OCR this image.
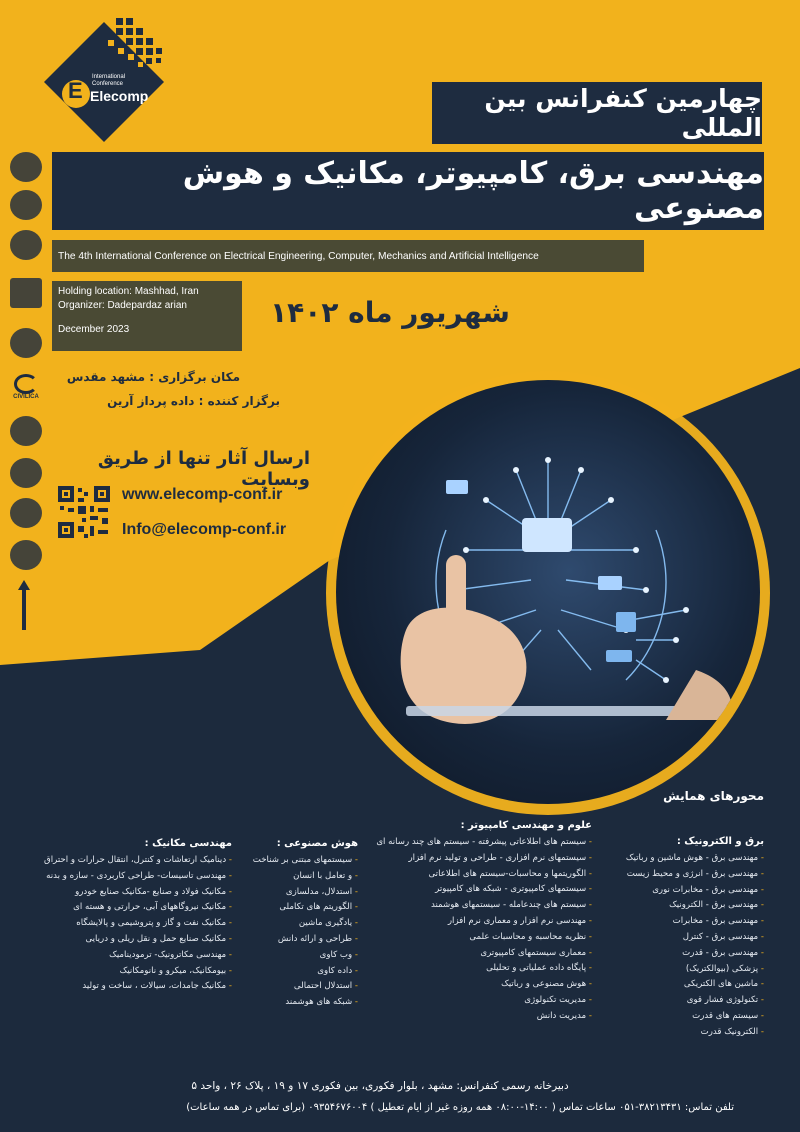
CIVILICA
E
International Conference
Elecomp	چهارمین کنفرانس بین المللی
مهندسی برق، کامپیوتر، مکانیک و هوش مصنوعی
The 4th International Conference on Electrical Engineering, Computer, Mechanics and Artificial Intelligence
Holding location: Mashhad, Iran
Organizer: Dadepardaz arian
December 2023
شهریور ماه ۱۴۰۲
مکان برگزاری : مشهد مقدس
برگزار کننده : داده پرداز آرین
ارسال آثار تنها از طریق وبسایت
www.elecomp-conf.ir
Info@elecomp-conf.ir
محورهای همایش
برق و الکترونیک :
- مهندسی برق - هوش ماشین و رباتیک
- مهندسی برق - انرژی و محیط زیست
- مهندسی برق - مخابرات نوری
- مهندسی برق - الکترونیک
- مهندسی برق - مخابرات
- مهندسی برق - کنترل
- مهندسی برق - قدرت
- پزشکی (بیوالکتریک)
- ماشین های الکتریکی
- تکنولوژی فشار قوی
- سیستم های قدرت
- الکترونیک قدرت
علوم و مهندسی کامپیوتر :
- سیستم های اطلاعاتی پیشرفته - سیستم های چند رسانه ای
- سیستمهای نرم افزاری - طراحی و تولید نرم افزار
- الگوریتمها و محاسبات-سیستم های اطلاعاتی
- سیستمهای کامپیوتری - شبکه های کامپیوتر
- سیستم های چندعامله - سیستمهای هوشمند
- مهندسی نرم افزار و معماری نرم افزار
- نظریه محاسبه و محاسبات علمی
- معماری سیستمهای کامپیوتری
- پایگاه داده عملیاتی و تحلیلی
- هوش مصنوعی و رباتیک
- مدیریت تکنولوژی
- مدیریت دانش
هوش مصنوعی :
- سیستمهای مبتنی بر شناخت
- و تعامل با انسان
- استدلال، مدلسازی
- الگوریتم های تکاملی
- یادگیری ماشین
- طراحی و ارائه دانش
- وب کاوی
- داده کاوی
- استدلال احتمالی
- شبکه های هوشمند
مهندسی مکانیک :
- دینامیک ارتعاشات و کنترل، انتقال حرارات و احتراق
- مهندسی تاسیسات- طراحی کاربردی - سازه و بدنه
- مکانیک فولاد و صنایع -مکانیک صنایع خودرو
- مکانیک نیروگاههای آبی، حرارتی و هسته ای
- مکانیک نفت و گاز و پتروشیمی و پالایشگاه
- مکانیک صنایع حمل و نقل ریلی و دریایی
- مهندسی مکاترونیک- ترمودینامیک
- بیومکانیک، میکرو و نانومکانیک
- مکانیک جامدات، سیالات ، ساخت و تولید
دبیرخانه رسمی کنفرانس: مشهد ، بلوار فکوری، بین فکوری ۱۷ و ۱۹ ، پلاک ۲۶ ، واحد ۵
تلفن تماس: ۳۸۲۱۳۴۳۱-۰۵۱ ساعات تماس ( ۱۴:۰۰-۰۸:۰۰ همه روزه غیر از ایام تعطیل ) ۰۹۳۵۴۶۷۶۰۰۴ (برای تماس در همه ساعات)
